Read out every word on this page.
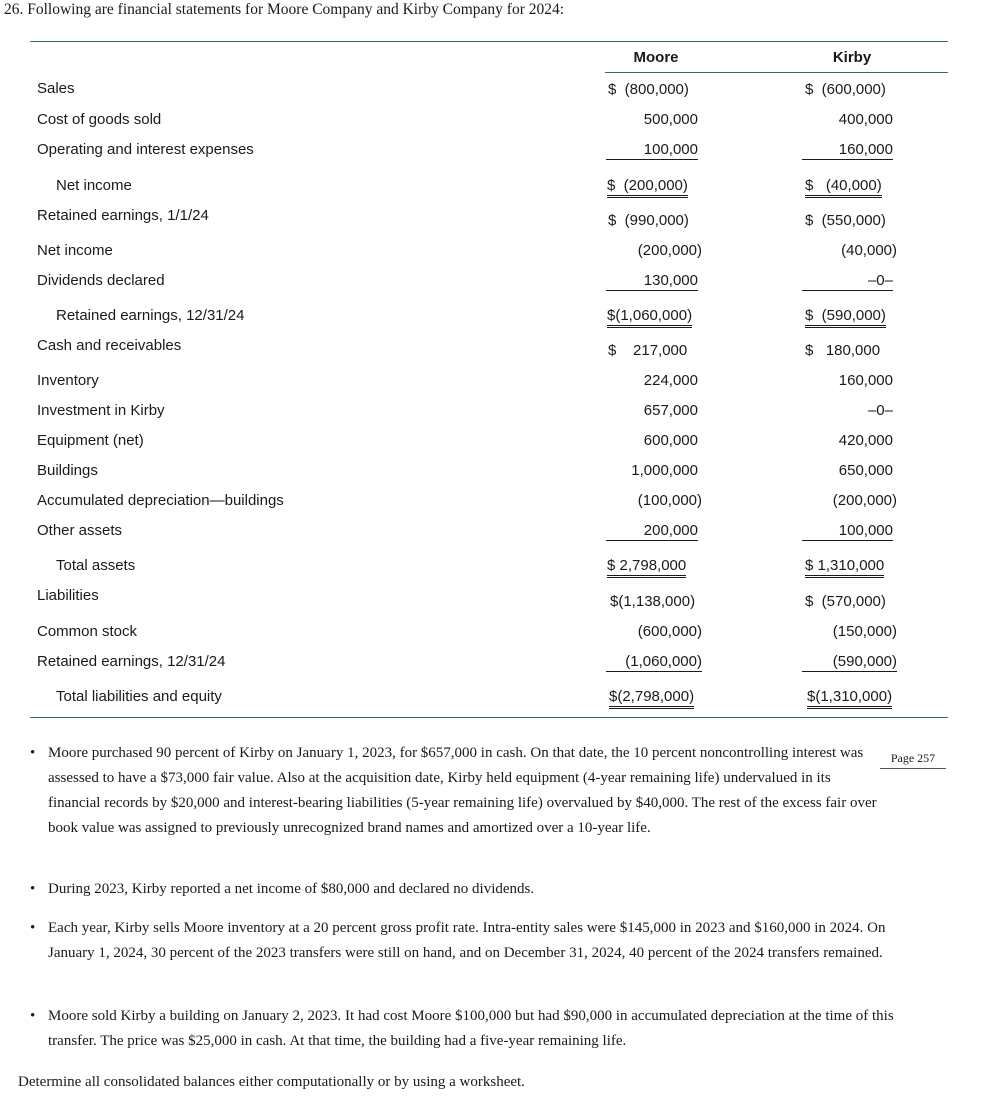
26. Following are financial statements for Moore Company and Kirby Company for 2024:
Moore	Kirby
Sales	$  (800,000)	$  (600,000)
Cost of goods sold	500,000	400,000
Operating and interest expenses	100,000	160,000
Net income	$  (200,000)	$   (40,000)
Retained earnings, 1/1/24	$  (990,000)	$  (550,000)
Net income	(200,000)	(40,000)
Dividends declared	130,000	–0–
Retained earnings, 12/31/24	$(1,060,000)	$  (590,000)
Cash and receivables	$    217,000	$   180,000
Inventory	224,000	160,000
Investment in Kirby	657,000	–0–
Equipment (net)	600,000	420,000
Buildings	1,000,000	650,000
Accumulated depreciation—buildings	(100,000)	(200,000)
Other assets	200,000	100,000
Total assets	$ 2,798,000	$ 1,310,000
Liabilities	$(1,138,000)	$  (570,000)
Common stock	(600,000)	(150,000)
Retained earnings, 12/31/24	(1,060,000)	(590,000)
Total liabilities and equity	$(2,798,000)	$(1,310,000)
Page 257
• Moore purchased 90 percent of Kirby on January 1, 2023, for $657,000 in cash. On that date, the 10 percent noncontrolling interest was assessed to have a $73,000 fair value. Also at the acquisition date, Kirby held equipment (4-year remaining life) undervalued in its financial records by $20,000 and interest-bearing liabilities (5-year remaining life) overvalued by $40,000. The rest of the excess fair over book value was assigned to previously unrecognized brand names and amortized over a 10-year life.
• During 2023, Kirby reported a net income of $80,000 and declared no dividends.
• Each year, Kirby sells Moore inventory at a 20 percent gross profit rate. Intra-entity sales were $145,000 in 2023 and $160,000 in 2024. On January 1, 2024, 30 percent of the 2023 transfers were still on hand, and on December 31, 2024, 40 percent of the 2024 transfers remained.
• Moore sold Kirby a building on January 2, 2023. It had cost Moore $100,000 but had $90,000 in accumulated depreciation at the time of this transfer. The price was $25,000 in cash. At that time, the building had a five-year remaining life.
Determine all consolidated balances either computationally or by using a worksheet.
